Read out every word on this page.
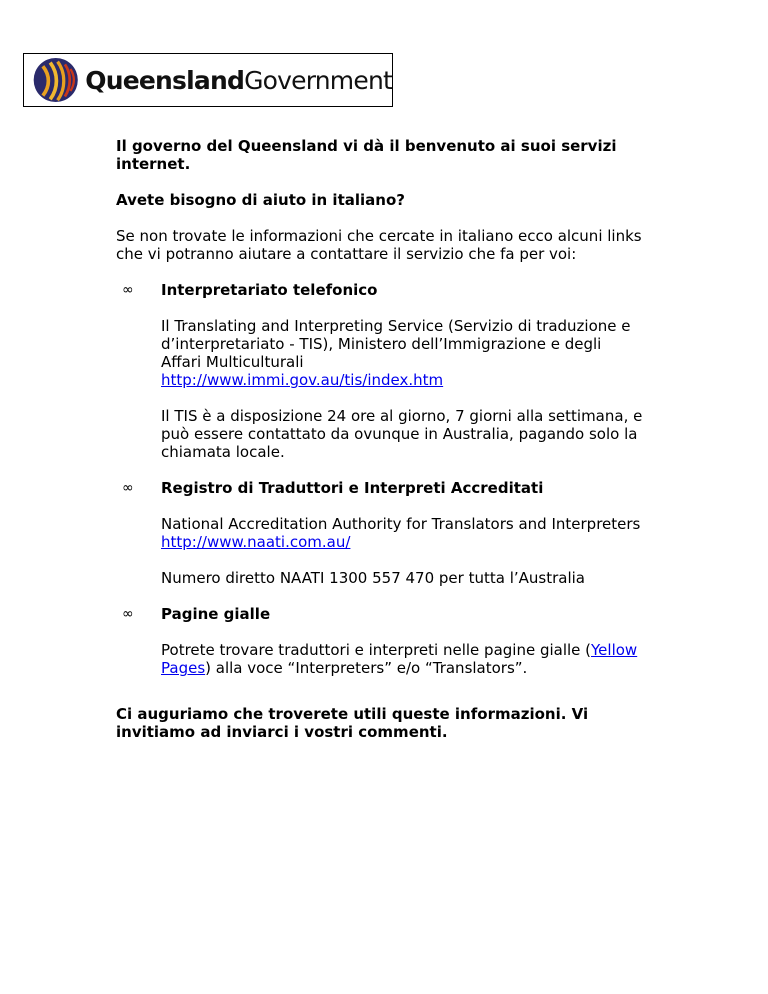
QueenslandGovernment

Il governo del Queensland vi dà il benvenuto ai suoi servizi internet.

Avete bisogno di aiuto in italiano?

Se non trovate le informazioni che cercate in italiano ecco alcuni links che vi potranno aiutare a contattare il servizio che fa per voi:

∞ Interpretariato telefonico

Il Translating and Interpreting Service (Servizio di traduzione e d’interpretariato - TIS), Ministero dell’Immigrazione e degli Affari Multiculturali

http://www.immi.gov.au/tis/index.htm

Il TIS è a disposizione 24 ore al giorno, 7 giorni alla settimana, e può essere contattato da ovunque in Australia, pagando solo la chiamata locale.

∞ Registro di Traduttori e Interpreti Accreditati

National Accreditation Authority for Translators and Interpreters

http://www.naati.com.au/

Numero diretto NAATI 1300 557 470 per tutta l’Australia

∞ Pagine gialle

Potrete trovare traduttori e interpreti nelle pagine gialle (Yellow Pages) alla voce “Interpreters” e/o “Translators”.

Ci auguriamo che troverete utili queste informazioni. Vi invitiamo ad inviarci i vostri commenti.
